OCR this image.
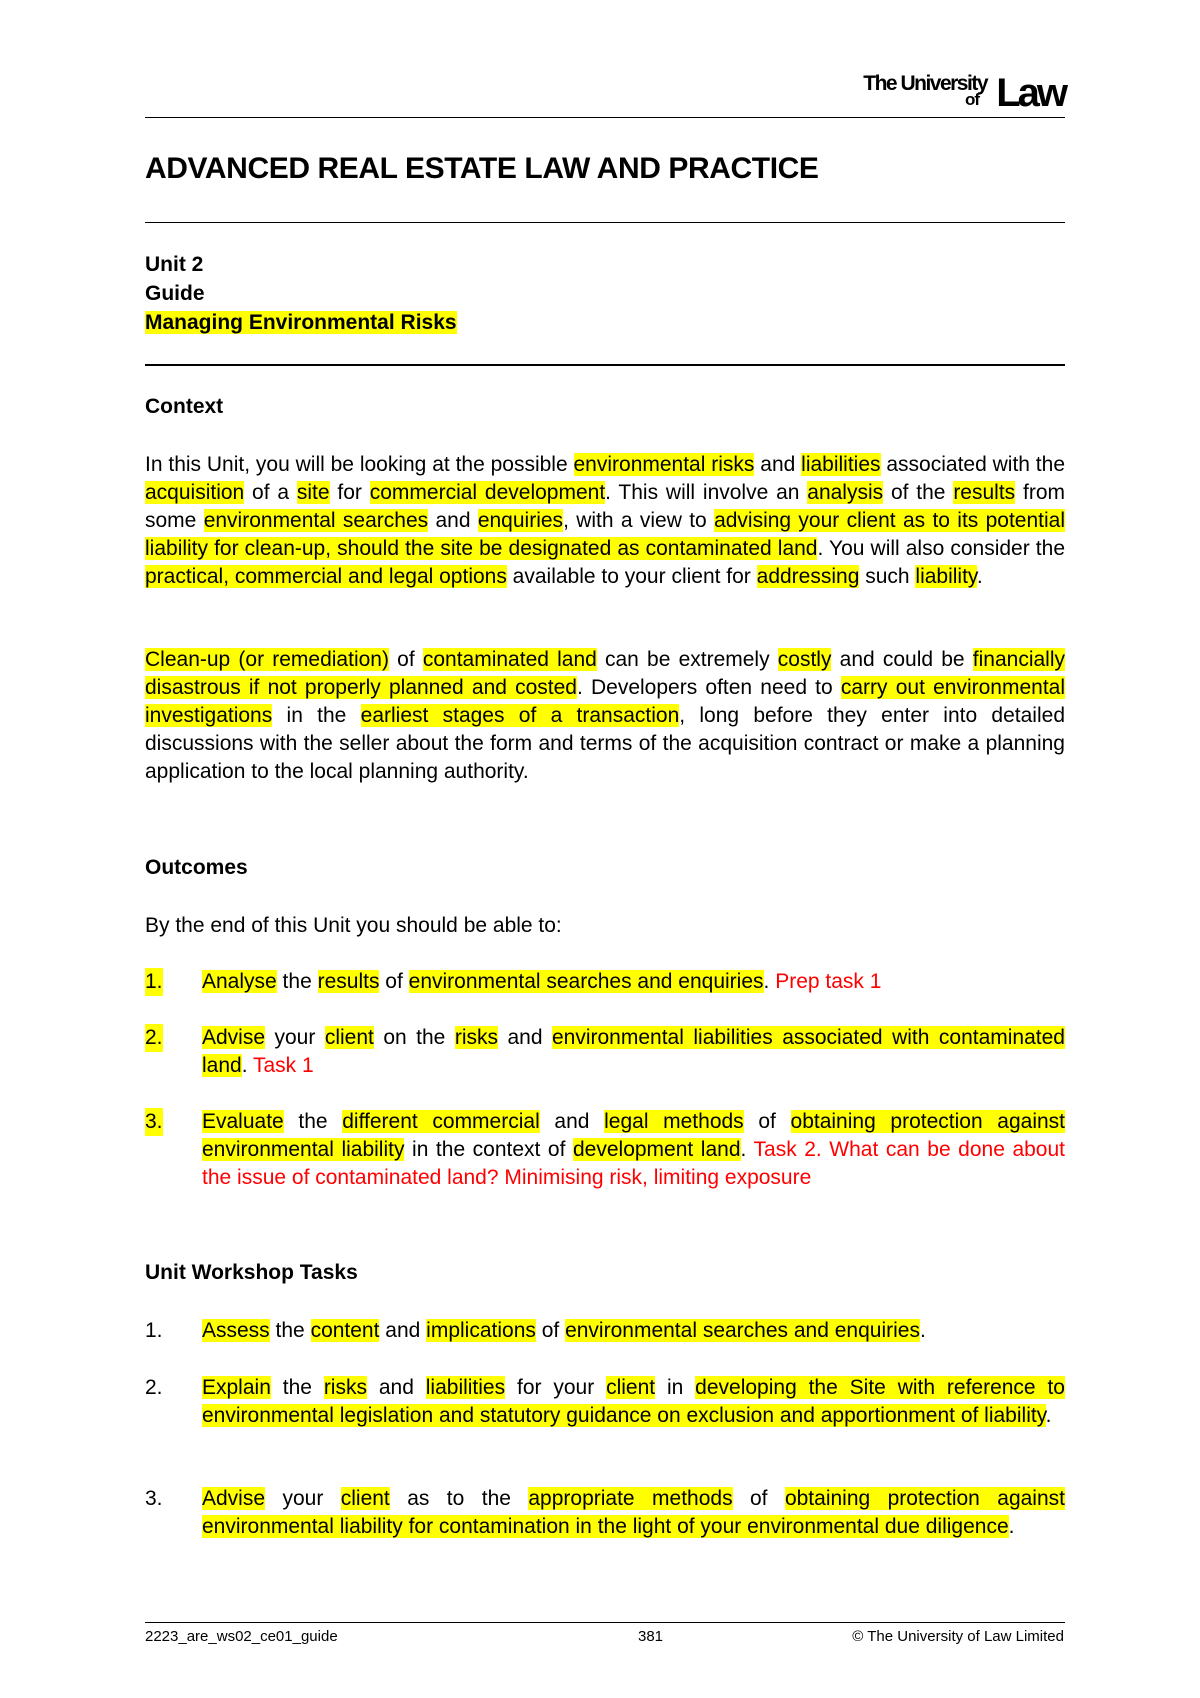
The University
of Law
ADVANCED REAL ESTATE LAW AND PRACTICE
Unit 2
Guide
Managing Environmental Risks
Context
In this Unit, you will be looking at the possible environmental risks and liabilities associated with the acquisition of a site for commercial development. This will involve an analysis of the results from some environmental searches and enquiries, with a view to advising your client as to its potential liability for clean-up, should the site be designated as contaminated land. You will also consider the practical, commercial and legal options available to your client for addressing such liability.
Clean-up (or remediation) of contaminated land can be extremely costly and could be financially disastrous if not properly planned and costed. Developers often need to carry out environmental investigations in the earliest stages of a transaction, long before they enter into detailed discussions with the seller about the form and terms of the acquisition contract or make a planning application to the local planning authority.
Outcomes
By the end of this Unit you should be able to:
1. Analyse the results of environmental searches and enquiries. Prep task 1
2. Advise your client on the risks and environmental liabilities associated with contaminated land. Task 1
3. Evaluate the different commercial and legal methods of obtaining protection against environmental liability in the context of development land. Task 2. What can be done about the issue of contaminated land? Minimising risk, limiting exposure
Unit Workshop Tasks
1. Assess the content and implications of environmental searches and enquiries.
2. Explain the risks and liabilities for your client in developing the Site with reference to environmental legislation and statutory guidance on exclusion and apportionment of liability.
3. Advise your client as to the appropriate methods of obtaining protection against environmental liability for contamination in the light of your environmental due diligence.
2223_are_ws02_ce01_guide	381	© The University of Law Limited
